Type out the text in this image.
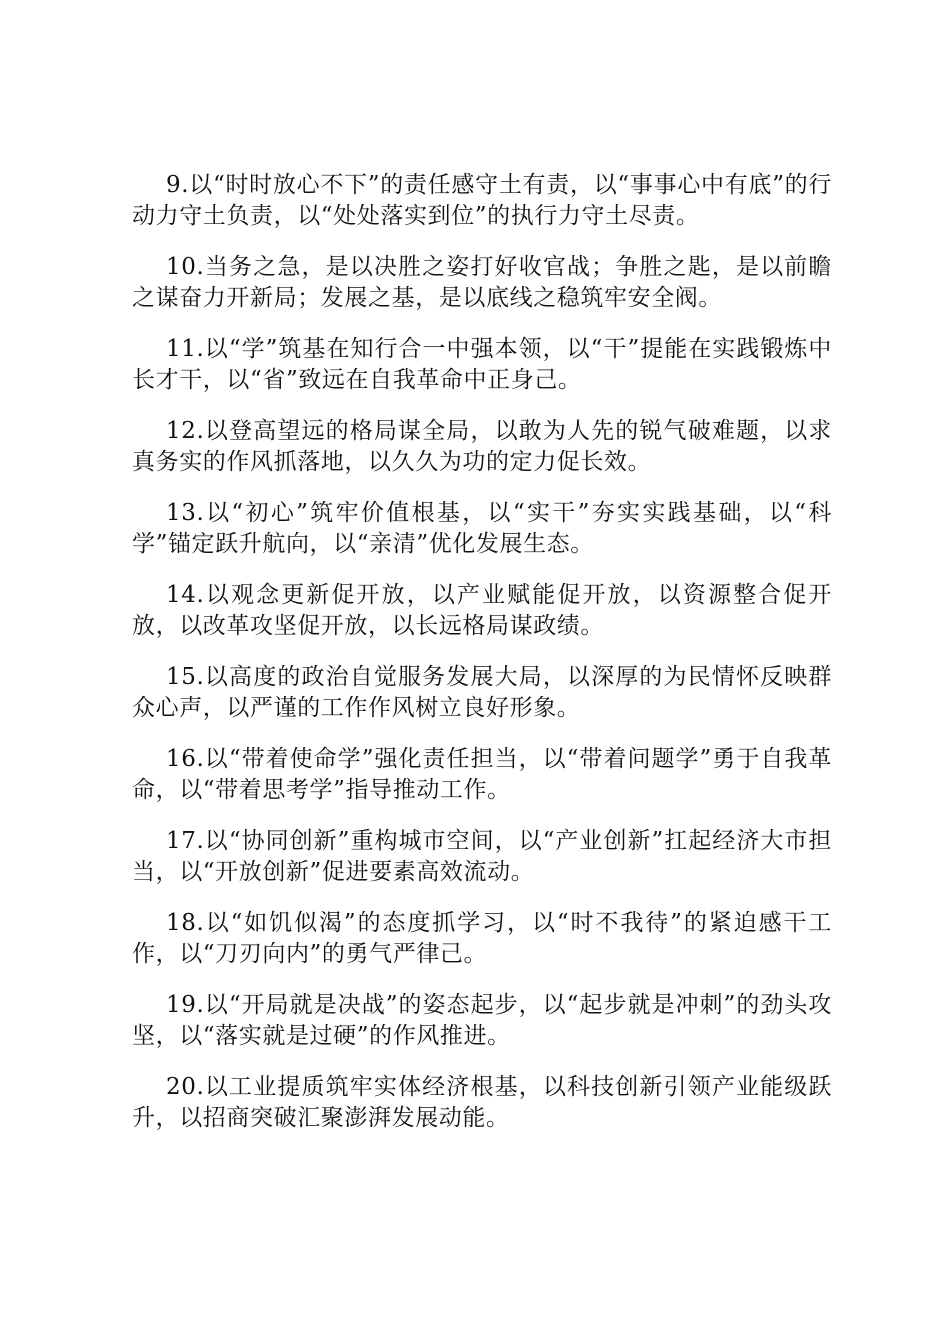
9.以“时时放心不下”的责任感守土有责，以“事事心中有底”的行动力守土负责，以“处处落实到位”的执行力守土尽责。

10.当务之急，是以决胜之姿打好收官战；争胜之匙，是以前瞻之谋奋力开新局；发展之基，是以底线之稳筑牢安全阀。

11.以“学”筑基在知行合一中强本领，以“干”提能在实践锻炼中长才干，以“省”致远在自我革命中正身己。

12.以登高望远的格局谋全局，以敢为人先的锐气破难题，以求真务实的作风抓落地，以久久为功的定力促长效。

13.以“初心”筑牢价值根基，以“实干”夯实实践基础，以“科学”锚定跃升航向，以“亲清”优化发展生态。

14.以观念更新促开放，以产业赋能促开放，以资源整合促开放，以改革攻坚促开放，以长远格局谋政绩。

15.以高度的政治自觉服务发展大局，以深厚的为民情怀反映群众心声，以严谨的工作作风树立良好形象。

16.以“带着使命学”强化责任担当，以“带着问题学”勇于自我革命，以“带着思考学”指导推动工作。

17.以“协同创新”重构城市空间，以“产业创新”扛起经济大市担当，以“开放创新”促进要素高效流动。

18.以“如饥似渴”的态度抓学习，以“时不我待”的紧迫感干工作，以“刀刃向内”的勇气严律己。

19.以“开局就是决战”的姿态起步，以“起步就是冲刺”的劲头攻坚，以“落实就是过硬”的作风推进。

20.以工业提质筑牢实体经济根基，以科技创新引领产业能级跃升，以招商突破汇聚澎湃发展动能。
